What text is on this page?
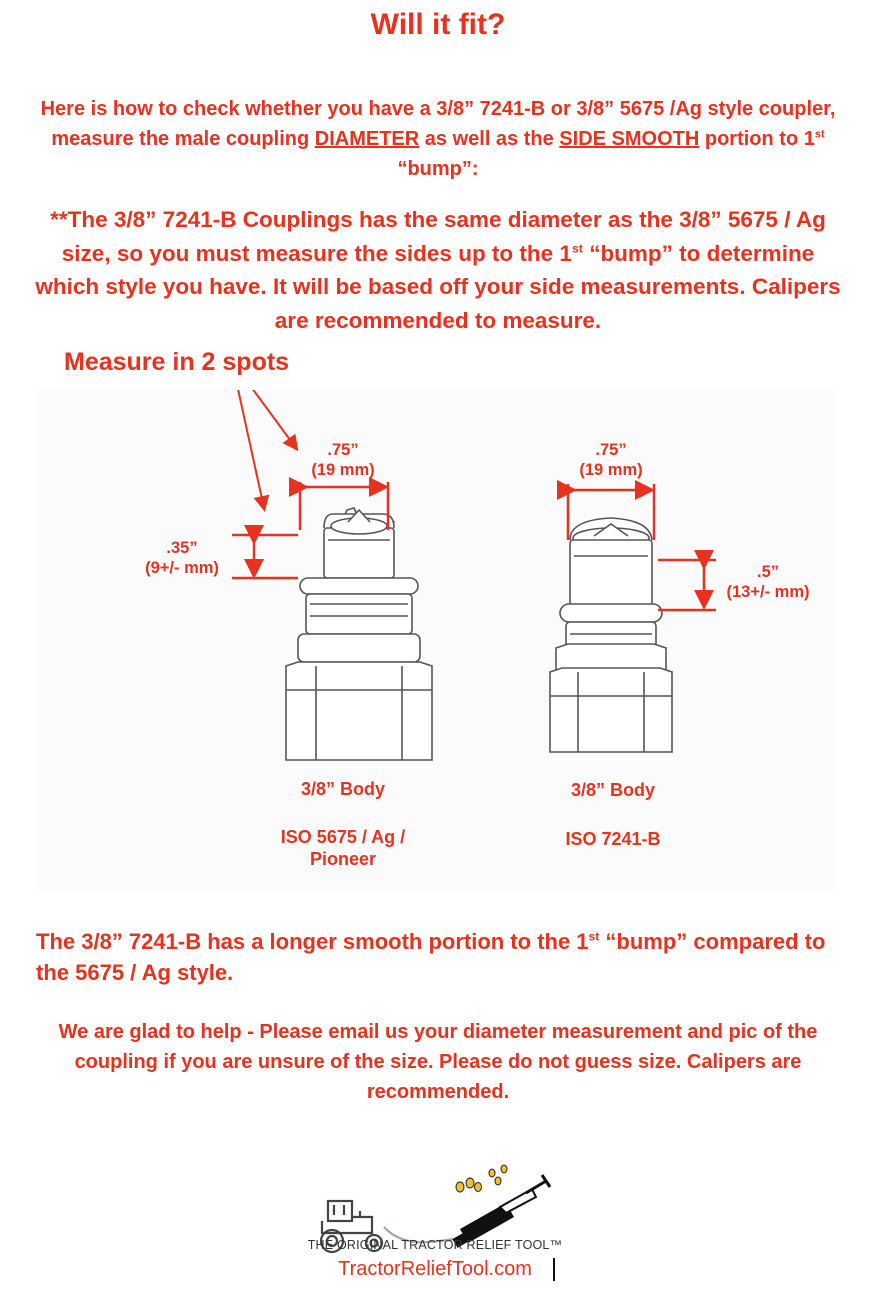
Will it fit?
Here is how to check whether you have a 3/8” 7241-B or 3/8” 5675 /Ag style coupler, measure the male coupling DIAMETER as well as the SIDE SMOOTH portion to 1st “bump”:
**The 3/8” 7241-B Couplings has the same diameter as the 3/8” 5675 / Ag size, so you must measure the sides up to the 1st “bump” to determine which style you have. It will be based off your side measurements. Calipers are recommended to measure.
Measure in 2 spots
.75”
(19 mm)
.35”
(9+/- mm)
.75”
(19 mm)
.5”
(13+/- mm)
3/8” Body
ISO 5675 / Ag /
Pioneer
3/8” Body
ISO 7241-B
The 3/8” 7241-B has a longer smooth portion to the 1st “bump” compared to the 5675 / Ag style.
We are glad to help - Please email us your diameter measurement and pic of the coupling if you are unsure of the size. Please do not guess size. Calipers are recommended.
THE ORIGINAL TRACTOR RELIEF TOOL™
TractorReliefTool.com
